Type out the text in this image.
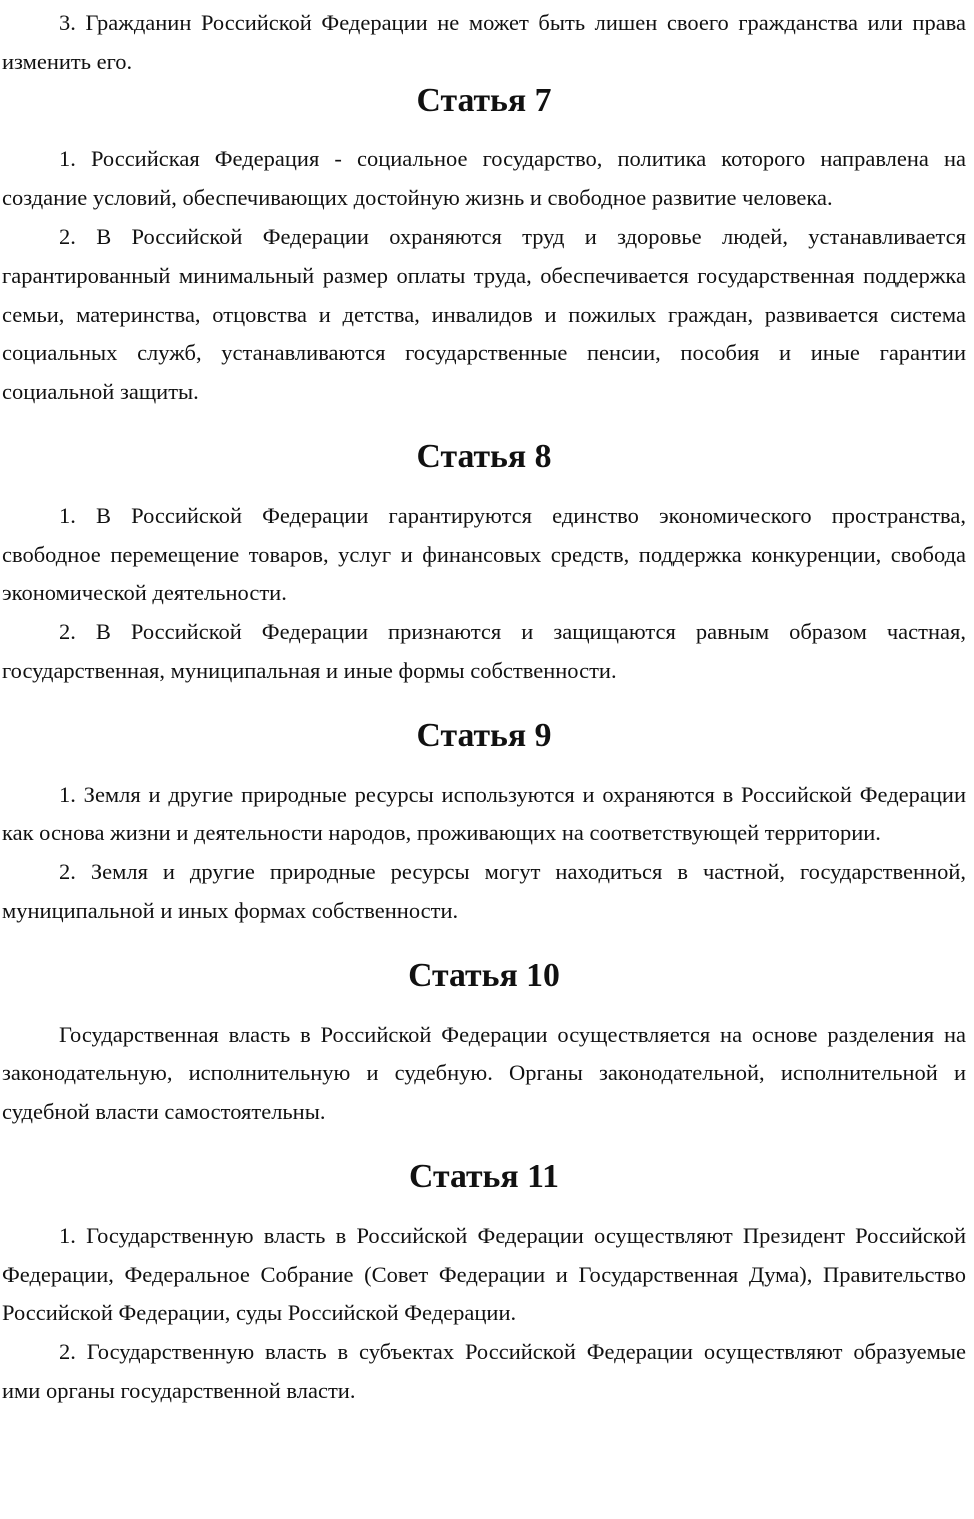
3. Гражданин Российской Федерации не может быть лишен своего гражданства или права изменить его.

Статья 7

1. Российская Федерация - социальное государство, политика которого направлена на создание условий, обеспечивающих достойную жизнь и свободное развитие человека.

2. В Российской Федерации охраняются труд и здоровье людей, устанавливается гарантированный минимальный размер оплаты труда, обеспечивается государственная поддержка семьи, материнства, отцовства и детства, инвалидов и пожилых граждан, развивается система социальных служб, устанавливаются государственные пенсии, пособия и иные гарантии социальной защиты.

Статья 8

1. В Российской Федерации гарантируются единство экономического пространства, свободное перемещение товаров, услуг и финансовых средств, поддержка конкуренции, свобода экономической деятельности.

2. В Российской Федерации признаются и защищаются равным образом частная, государственная, муниципальная и иные формы собственности.

Статья 9

1. Земля и другие природные ресурсы используются и охраняются в Российской Федерации как основа жизни и деятельности народов, проживающих на соответствующей территории.

2. Земля и другие природные ресурсы могут находиться в частной, государственной, муниципальной и иных формах собственности.

Статья 10

Государственная власть в Российской Федерации осуществляется на основе разделения на законодательную, исполнительную и судебную. Органы законодательной, исполнительной и судебной власти самостоятельны.

Статья 11

1. Государственную власть в Российской Федерации осуществляют Президент Российской Федерации, Федеральное Собрание (Совет Федерации и Государственная Дума), Правительство Российской Федерации, суды Российской Федерации.

2. Государственную власть в субъектах Российской Федерации осуществляют образуемые ими органы государственной власти.
